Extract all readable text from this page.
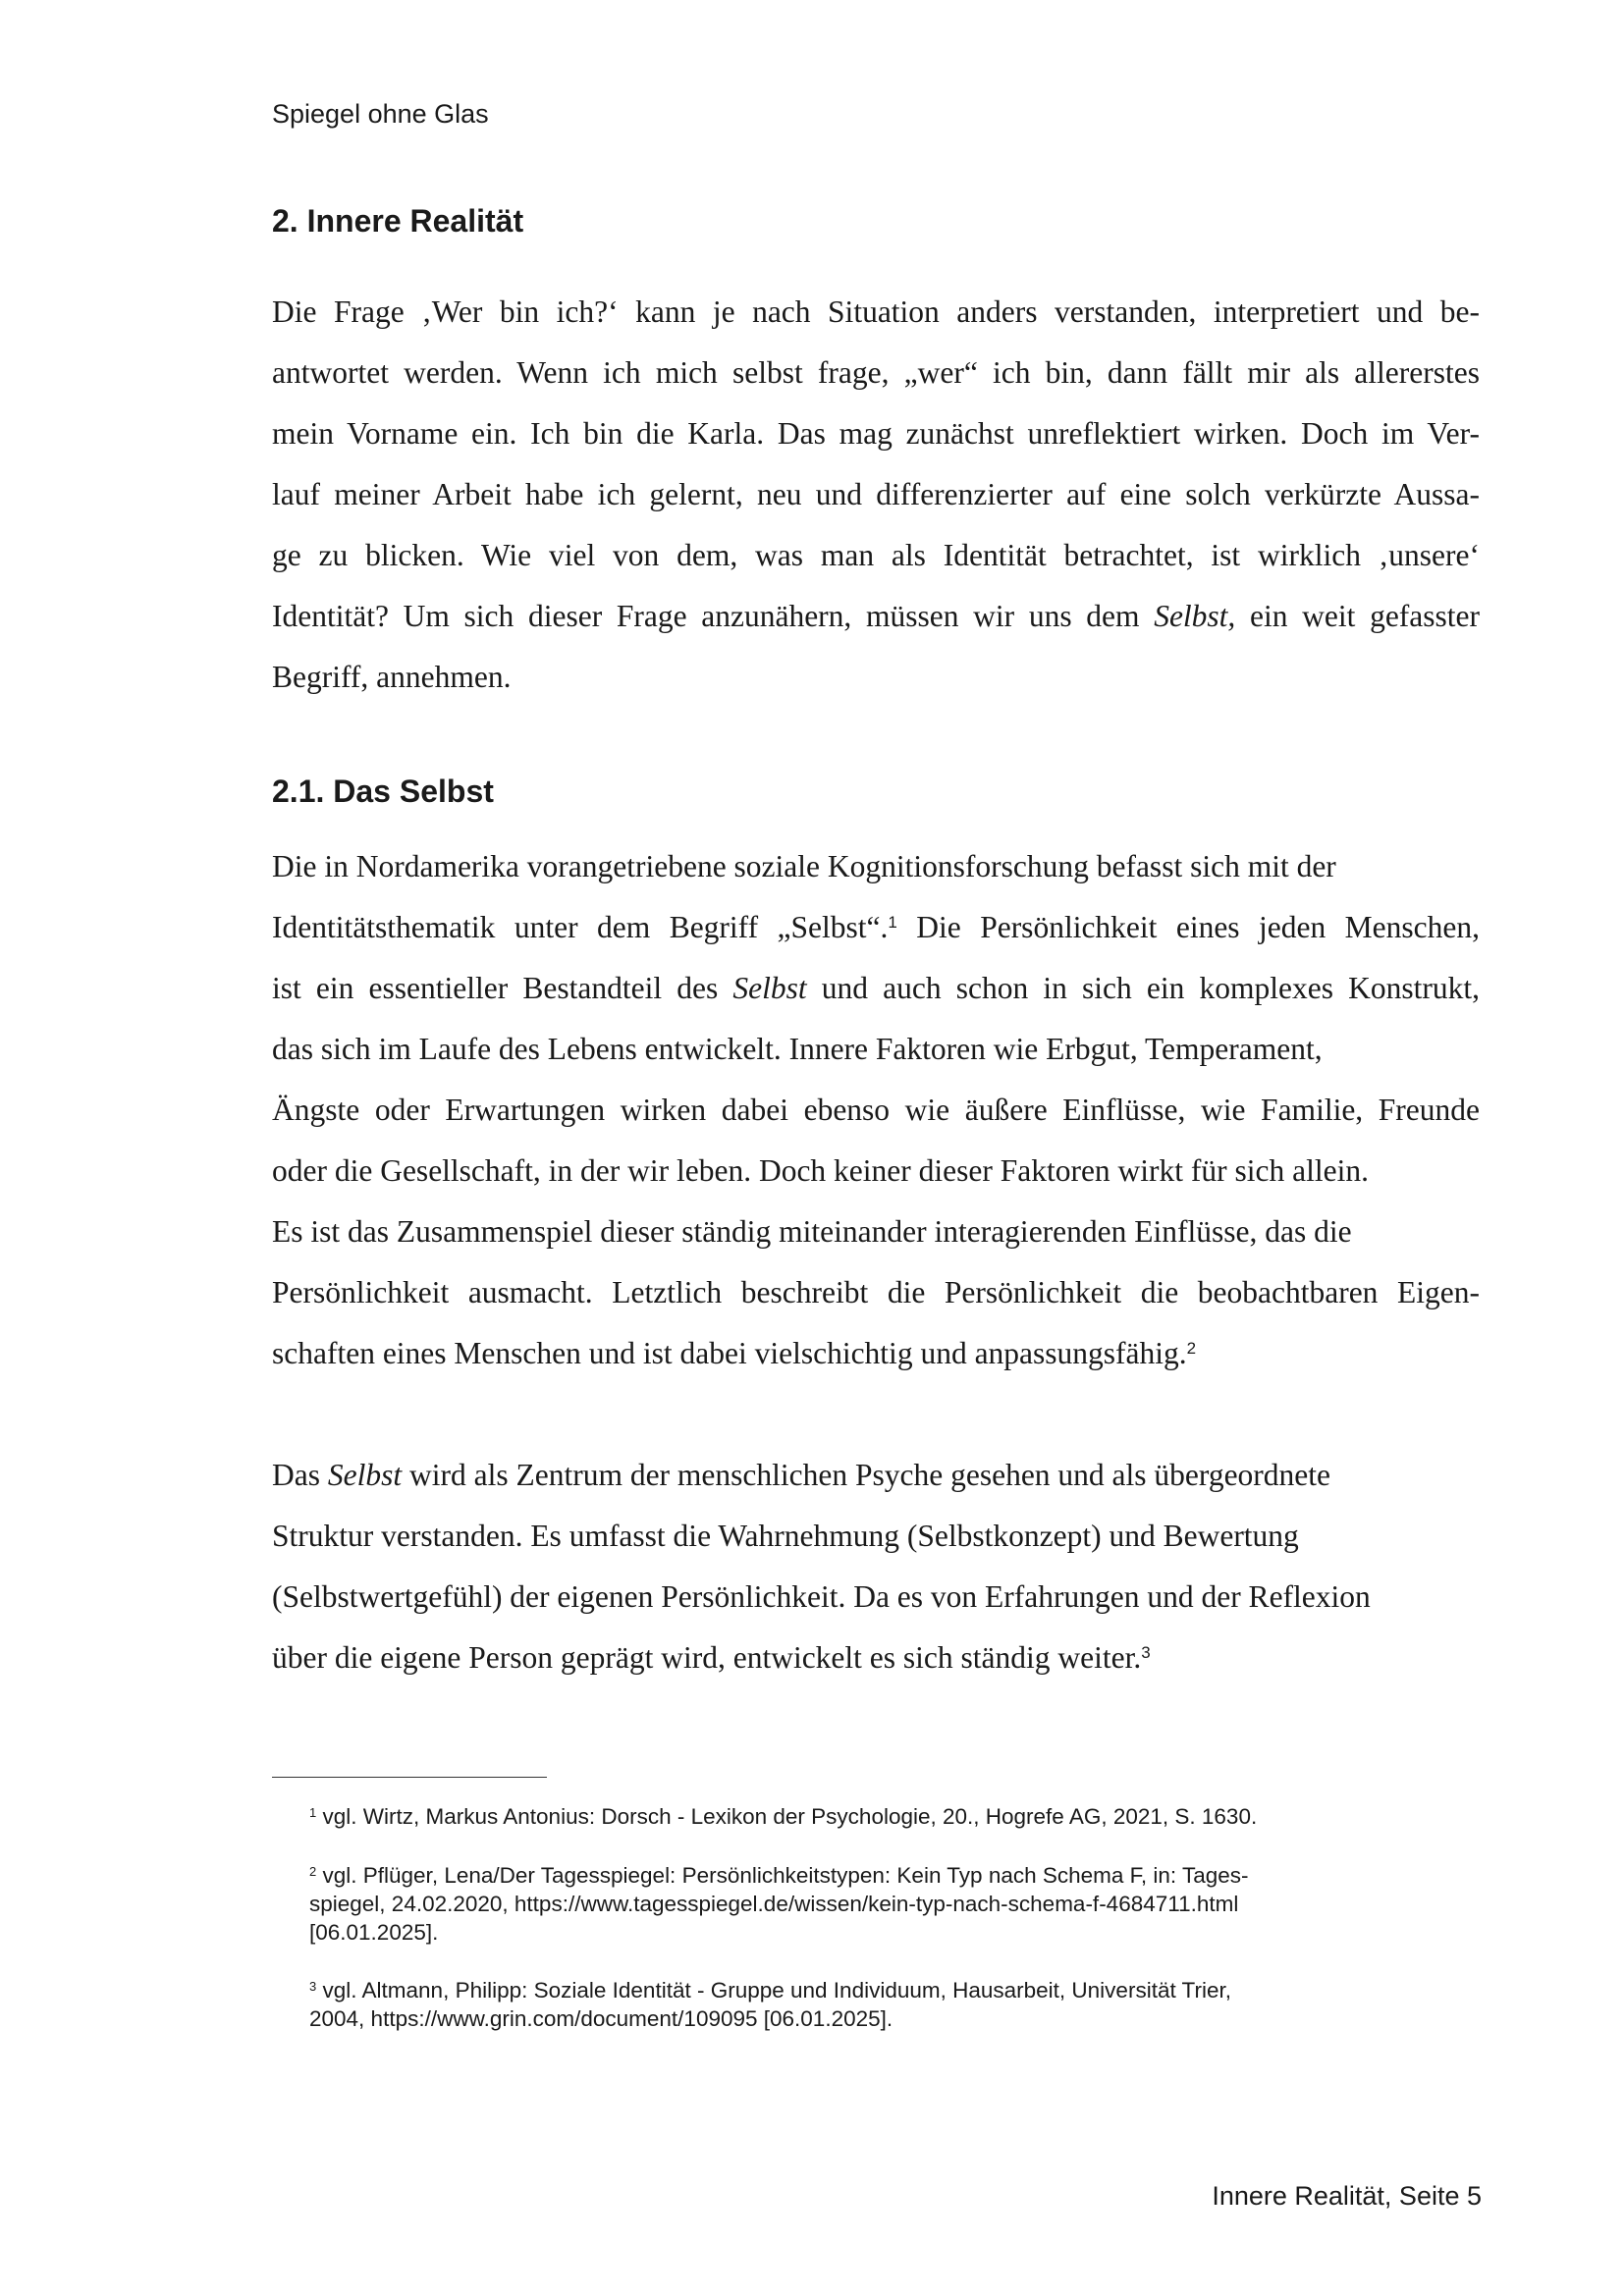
Spiegel ohne Glas
2. Innere Realität
Die Frage ‚Wer bin ich?‘ kann je nach Situation anders verstanden, interpretiert und be-
antwortet werden. Wenn ich mich selbst frage, „wer“ ich bin, dann fällt mir als allererstes
mein Vorname ein. Ich bin die Karla. Das mag zunächst unreflektiert wirken. Doch im Ver-
lauf meiner Arbeit habe ich gelernt, neu und differenzierter auf eine solch verkürzte Aussa-
ge zu blicken. Wie viel von dem, was man als Identität betrachtet, ist wirklich ‚unsere‘
Identität? Um sich dieser Frage anzunähern, müssen wir uns dem Selbst, ein weit gefasster
Begriff, annehmen.
2.1. Das Selbst
Die in Nordamerika vorangetriebene soziale Kognitionsforschung befasst sich mit der
Identitätsthematik unter dem Begriff „Selbst“.$^1$ Die Persönlichkeit eines jeden Menschen,
ist ein essentieller Bestandteil des Selbst und auch schon in sich ein komplexes Konstrukt,
das sich im Laufe des Lebens entwickelt. Innere Faktoren wie Erbgut, Temperament,
Ängste oder Erwartungen wirken dabei ebenso wie äußere Einflüsse, wie Familie, Freunde
oder die Gesellschaft, in der wir leben. Doch keiner dieser Faktoren wirkt für sich allein.
Es ist das Zusammenspiel dieser ständig miteinander interagierenden Einflüsse, das die
Persönlichkeit ausmacht. Letztlich beschreibt die Persönlichkeit die beobachtbaren Eigen-
schaften eines Menschen und ist dabei vielschichtig und anpassungsfähig.$^2$
Das Selbst wird als Zentrum der menschlichen Psyche gesehen und als übergeordnete
Struktur verstanden. Es umfasst die Wahrnehmung (Selbstkonzept) und Bewertung
(Selbstwertgefühl) der eigenen Persönlichkeit. Da es von Erfahrungen und der Reflexion
über die eigene Person geprägt wird, entwickelt es sich ständig weiter.$^3$
$^1$ vgl. Wirtz, Markus Antonius: Dorsch - Lexikon der Psychologie, 20., Hogrefe AG, 2021, S. 1630.
$^2$ vgl. Pflüger, Lena/Der Tagesspiegel: Persönlichkeitstypen: Kein Typ nach Schema F, in: Tages-
spiegel, 24.02.2020, https://www.tagesspiegel.de/wissen/kein-typ-nach-schema-f-4684711.html
[06.01.2025].
$^3$ vgl. Altmann, Philipp: Soziale Identität - Gruppe und Individuum, Hausarbeit, Universität Trier,
2004, https://www.grin.com/document/109095 [06.01.2025].
Innere Realität, Seite 5
